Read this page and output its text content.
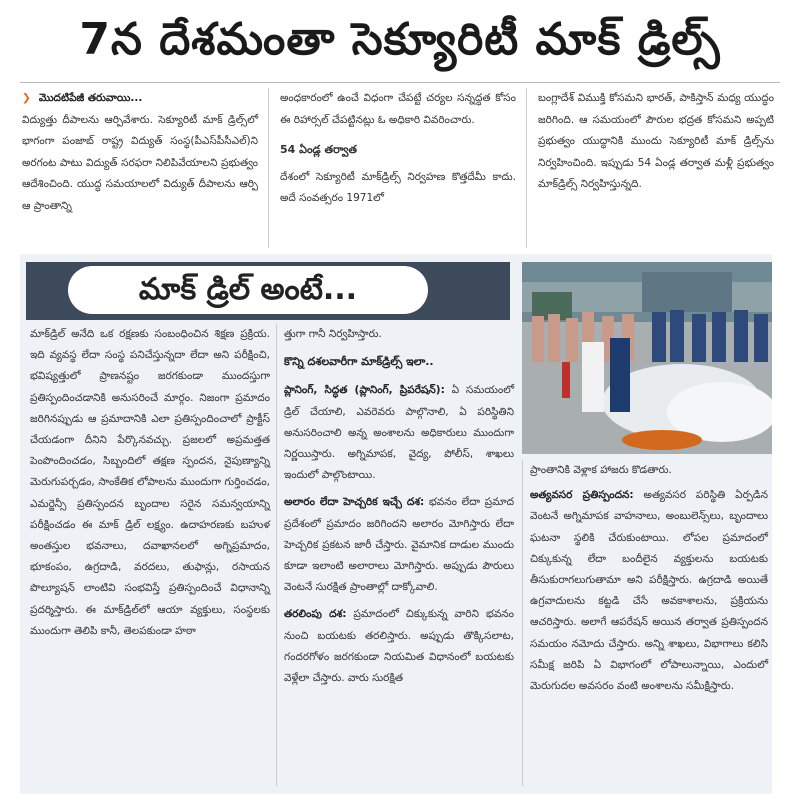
7న దేశమంతా సెక్యూరిటీ మాక్ డ్రిల్స్

❯ మొదటిపేజీ తరువాయి...

విద్యుత్తు దీపాలను ఆర్పివేశారు. సెక్యూరిటీ మాక్ డ్రిల్స్‌లో భాగంగా పంజాబ్ రాష్ట్ర విద్యుత్ సంస్థ(పీఎస్‌పీసీఎల్)ని అరగంట పాటు విద్యుత్ సరఫరా నిలిపివేయాలని ప్రభుత్వం ఆదేశించింది. యుద్ధ సమయాలలో విద్యుత్ దీపాలను ఆర్పి ఆ ప్రాంతాన్ని

అంధకారంలో ఉంచే విధంగా చేపట్టే చర్యల సన్నద్ధత కోసం ఈ రిహార్సల్ చేపట్టినట్లు ఓ అధికారి వివరించారు.

54 ఏండ్ల తర్వాత

దేశంలో సెక్యూరిటీ మాక్‌డ్రిల్స్ నిర్వహణ కొత్తదేమీ కాదు. అదే సంవత్సరం 1971లో

బంగ్లాదేశ్ విముక్తి కోసమని భారత్, పాకిస్తాన్ మధ్య యుద్ధం జరిగింది. ఆ సమయంలో పౌరుల భద్రత కోసమని అప్పటి ప్రభుత్వం యుద్ధానికి ముందు సెక్యూరిటీ మాక్ డ్రిల్స్‌ను నిర్వహించింది. ఇప్పుడు 54 ఏండ్ల తర్వాత మళ్లీ ప్రభుత్వం మాక్‌డ్రిల్స్ నిర్వహిస్తున్నది.

మాక్ డ్రిల్ అంటే...

మాక్‌డ్రిల్ అనేది ఒక రక్షణకు సంబంధించిన శిక్షణ ప్రక్రియ. ఇది వ్యవస్థ లేదా సంస్థ పనిచేస్తున్నదా లేదా అని పరీక్షించి, భవిష్యత్తులో ప్రాణనష్టం జరగకుండా ముందస్తుగా ప్రతిస్పందించడానికి అనుసరించే మార్గం. నిజంగా ప్రమాదం జరిగినప్పుడు ఆ ప్రమాదానికి ఎలా ప్రతిస్పందించాలో ప్రాక్టీస్ చేయడంగా దీనిని పేర్కొనవచ్చు. ప్రజలలో అప్రమత్తత పెంపొందించడం, సిబ్బందిలో తక్షణ స్పందన, నైపుణ్యాన్ని మెరుగుపర్చడం, సాంకేతిక లోపాలను ముందుగా గుర్తించడం, ఎమర్జెన్సీ ప్రతిస్పందన బృందాల సరైన సమన్వయాన్ని పరీక్షించడం ఈ మాక్ డ్రిల్ లక్ష్యం. ఉదాహరణకు బహుళ అంతస్తుల భవనాలు, దవాఖానలలో అగ్నిప్రమాదం, భూకంపం, ఉగ్రదాడి, వరదలు, తుఫాన్లు, రసాయన పొల్యూషన్ లాంటివి సంభవిస్తే ప్రతిస్పందించే విధానాన్ని ప్రదర్శిస్తారు. ఈ మాక్‌డ్రిల్‌లో ఆయా వ్యక్తులు, సంస్థలకు ముందుగా తెలిపి కానీ, తెలపకుండా హఠా

త్తుగా గానీ నిర్వహిస్తారు.

కొన్ని దశలవారీగా మాక్‌డ్రిల్స్ ఇలా..

ప్లానింగ్, సిద్ధత (ప్లానింగ్, ప్రిపరేషన్): ఏ సమయంలో డ్రిల్ చేయాలి, ఎవరెవరు పాల్గొనాలి, ఏ పరిస్థితిని అనుసరించాలి అన్న అంశాలను అధికారులు ముందుగా నిర్ణయిస్తారు. అగ్నిమాపక, వైద్య, పోలీస్, శాఖలు ఇందులో పాల్గొంటాయి.

అలారం లేదా హెచ్చరిక ఇచ్చే దశ: భవనం లేదా ప్రమాద ప్రదేశంలో ప్రమాదం జరిగిందని అలారం మోగిస్తారు లేదా హెచ్చరిక ప్రకటన జారీ చేస్తారు. వైమానిక దాడుల ముందు కూడా ఇలాంటి అలారాలు మోగిస్తారు. అప్పుడు పౌరులు వెంటనే సురక్షిత ప్రాంతాల్లో దాక్కోవాలి.

తరలింపు దశ: ప్రమాదంలో చిక్కుకున్న వారిని భవనం నుంచి బయటకు తరలిస్తారు. అప్పుడు తొక్కిసలాట, గందరగోళం జరగకుండా నియమిత విధానంలో బయటకు వెళ్లేలా చేస్తారు. వారు సురక్షిత

ప్రాంతానికి వెళ్లాక హాజరు కొడతారు.

అత్యవసర ప్రతిస్పందన: అత్యవసర పరిస్థితి ఏర్పడిన వెంటనే అగ్నిమాపక వాహనాలు, అంబులెన్స్‌లు, బృందాలు ఘటనా స్థలికి చేరుకుంటాయి. లోపల ప్రమాదంలో చిక్కుకున్న లేదా బందీలైన వ్యక్తులను బయటకు తీసుకురాగలుగుతామా అని పరీక్షిస్తారు. ఉగ్రదాడి అయితే ఉగ్రవాదులను కట్టడి చేసే అవకాశాలను, ప్రక్రియను ఆచరిస్తారు. అలాగే ఆపరేషన్ అయిన తర్వాత ప్రతిస్పందన సమయం నమోదు చేస్తారు. అన్ని శాఖలు, విభాగాలు కలిసి సమీక్ష జరిపి ఏ విభాగంలో లోపాలున్నాయి, ఎందులో మెరుగుదల అవసరం వంటి అంశాలను సమీక్షిస్తారు.
